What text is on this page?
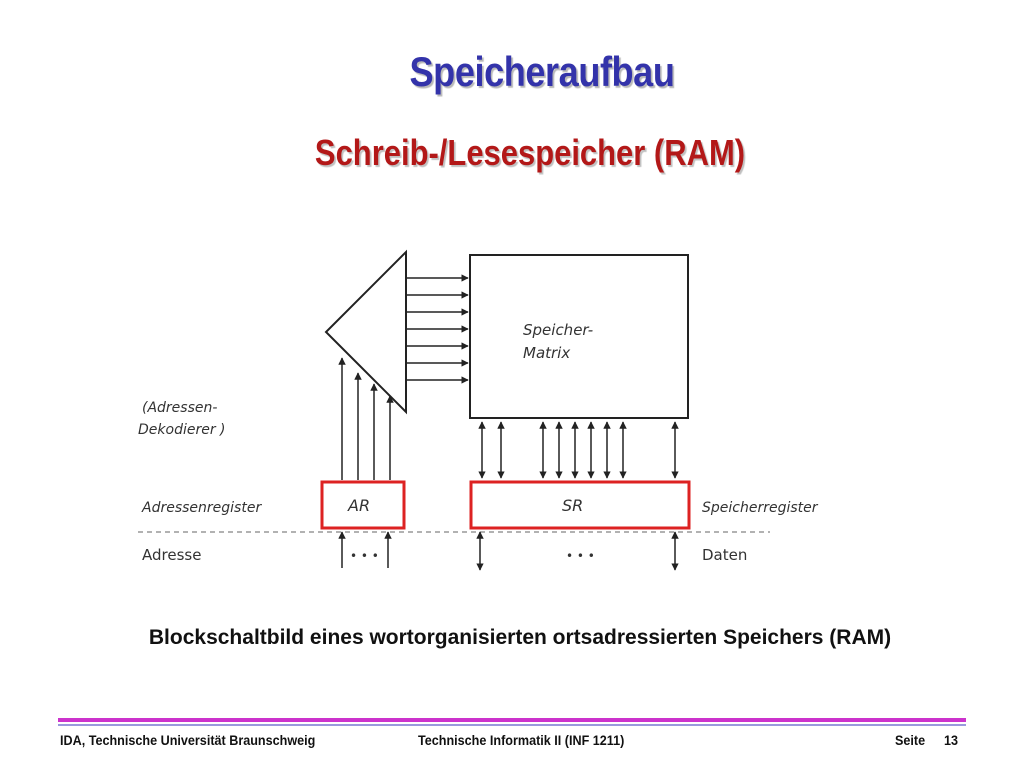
Speicheraufbau
Schreib-/Lesespeicher (RAM)
Speicher-
Matrix
(Adressen-
Dekodierer )
AR	SR
Adressenregister	Speicherregister
• • •	• • •
Adresse	Daten
Blockschaltbild eines wortorganisierten ortsadressierten Speichers (RAM)
IDA, Technische Universität Braunschweig	Technische Informatik II (INF 1211)	Seite 13
